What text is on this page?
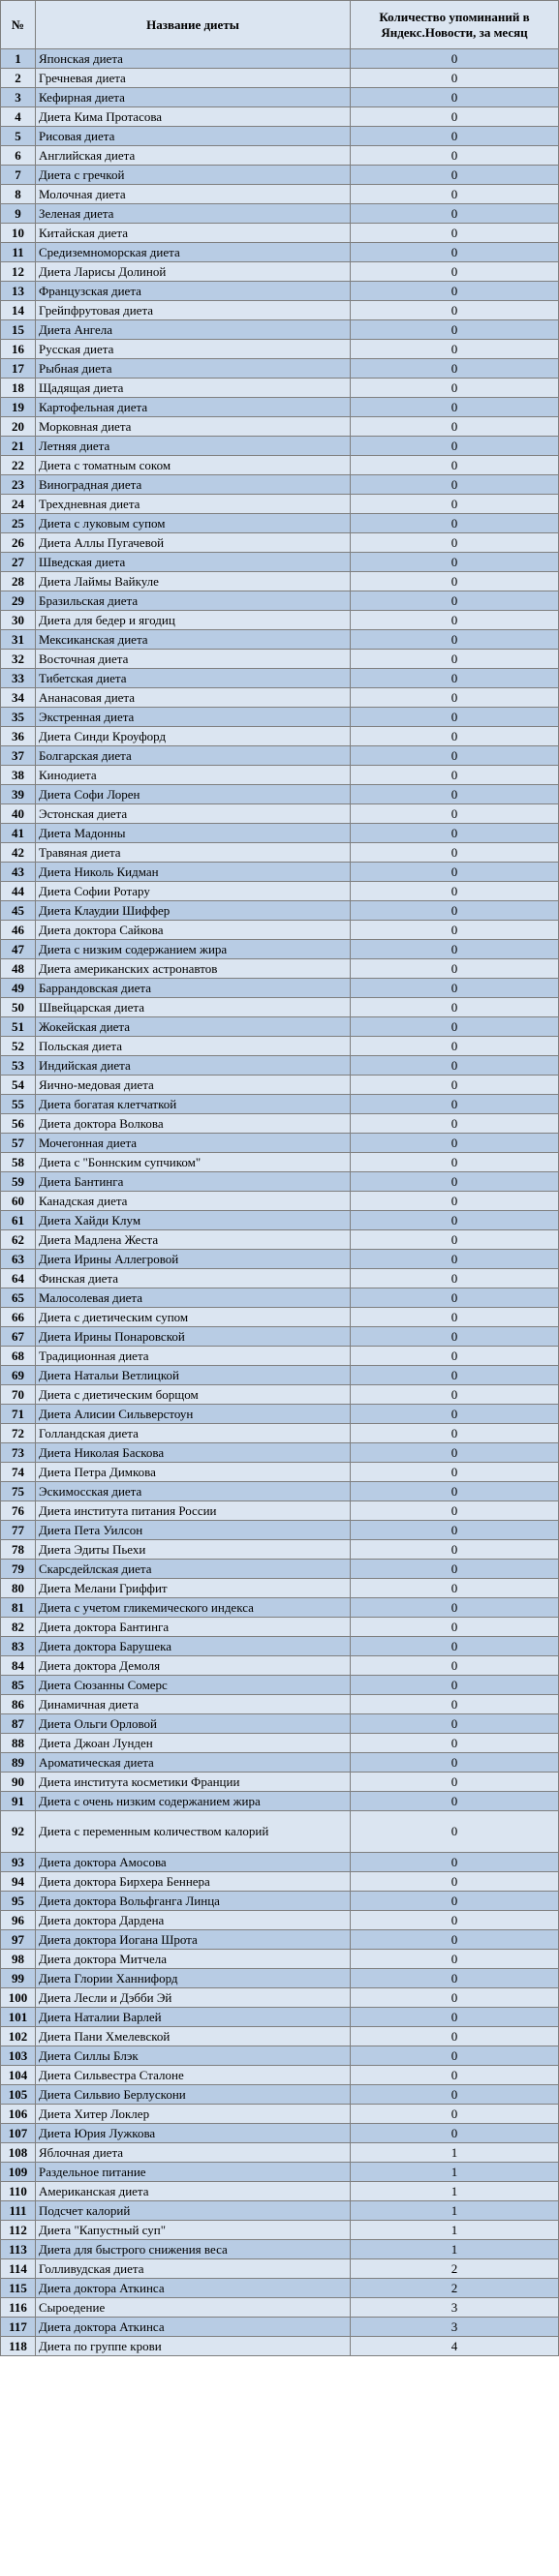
№	Название диеты	Количество упоминаний в Яндекс.Новости, за месяц
1	Японская диета	0
2	Гречневая диета	0
3	Кефирная диета	0
4	Диета Кима Протасова	0
5	Рисовая диета	0
6	Английская диета	0
7	Диета с гречкой	0
8	Молочная диета	0
9	Зеленая диета	0
10	Китайская диета	0
11	Средиземноморская диета	0
12	Диета Ларисы Долиной	0
13	Французская диета	0
14	Грейпфрутовая диета	0
15	Диета Ангела	0
16	Русская диета	0
17	Рыбная диета	0
18	Щадящая диета	0
19	Картофельная диета	0
20	Морковная диета	0
21	Летняя диета	0
22	Диета с томатным соком	0
23	Виноградная диета	0
24	Трехдневная диета	0
25	Диета с луковым супом	0
26	Диета Аллы Пугачевой	0
27	Шведская диета	0
28	Диета Лаймы Вайкуле	0
29	Бразильская диета	0
30	Диета для бедер и ягодиц	0
31	Мексиканская диета	0
32	Восточная диета	0
33	Тибетская диета	0
34	Ананасовая диета	0
35	Экстренная диета	0
36	Диета Синди Кроуфорд	0
37	Болгарская диета	0
38	Кинодиета	0
39	Диета Софи Лорен	0
40	Эстонская диета	0
41	Диета Мадонны	0
42	Травяная диета	0
43	Диета Николь Кидман	0
44	Диета Софии Ротару	0
45	Диета Клаудии Шиффер	0
46	Диета доктора Сайкова	0
47	Диета с низким содержанием жира	0
48	Диета американских астронавтов	0
49	Баррандовская диета	0
50	Швейцарская диета	0
51	Жокейская диета	0
52	Польская диета	0
53	Индийская диета	0
54	Яично-медовая диета	0
55	Диета богатая клетчаткой	0
56	Диета доктора Волкова	0
57	Мочегонная диета	0
58	Диета с "Боннским супчиком"	0
59	Диета Бантинга	0
60	Канадская диета	0
61	Диета Хайди Клум	0
62	Диета Мадлена Жеста	0
63	Диета Ирины Аллегровой	0
64	Финская диета	0
65	Малосолевая диета	0
66	Диета с диетическим супом	0
67	Диета Ирины Понаровской	0
68	Традиционная диета	0
69	Диета Натальи Ветлицкой	0
70	Диета с диетическим борщом	0
71	Диета Алисии Сильверстоун	0
72	Голландская диета	0
73	Диета Николая Баскова	0
74	Диета Петра Димкова	0
75	Эскимосская диета	0
76	Диета института питания России	0
77	Диета Пета Уилсон	0
78	Диета Эдиты Пьехи	0
79	Скарсдейлская диета	0
80	Диета Мелани Гриффит	0
81	Диета с учетом гликемического индекса	0
82	Диета доктора Бантинга	0
83	Диета доктора Барушека	0
84	Диета доктора Демоля	0
85	Диета Сюзанны Сомерс	0
86	Динамичная диета	0
87	Диета Ольги Орловой	0
88	Диета Джоан Лунден	0
89	Ароматическая диета	0
90	Диета института косметики Франции	0
91	Диета с очень низким содержанием жира	0
92	Диета с переменным количеством калорий	0
93	Диета доктора Амосова	0
94	Диета доктора Бирхера Беннера	0
95	Диета доктора Вольфганга Линца	0
96	Диета доктора Дардена	0
97	Диета доктора Иогана Шрота	0
98	Диета доктора Митчела	0
99	Диета Глории Ханнифорд	0
100	Диета Лесли и Дэбби Эй	0
101	Диета Наталии Варлей	0
102	Диета Пани Хмелевской	0
103	Диета Силлы Блэк	0
104	Диета Сильвестра Сталоне	0
105	Диета Сильвио Берлускони	0
106	Диета Хитер Локлер	0
107	Диета Юрия Лужкова	0
108	Яблочная диета	1
109	Раздельное питание	1
110	Американская диета	1
111	Подсчет калорий	1
112	Диета "Капустный суп"	1
113	Диета для быстрого снижения веса	1
114	Голливудская диета	2
115	Диета доктора Аткинса	2
116	Сыроедение	3
117	Диета доктора Аткинса	3
118	Диета по группе крови	4
